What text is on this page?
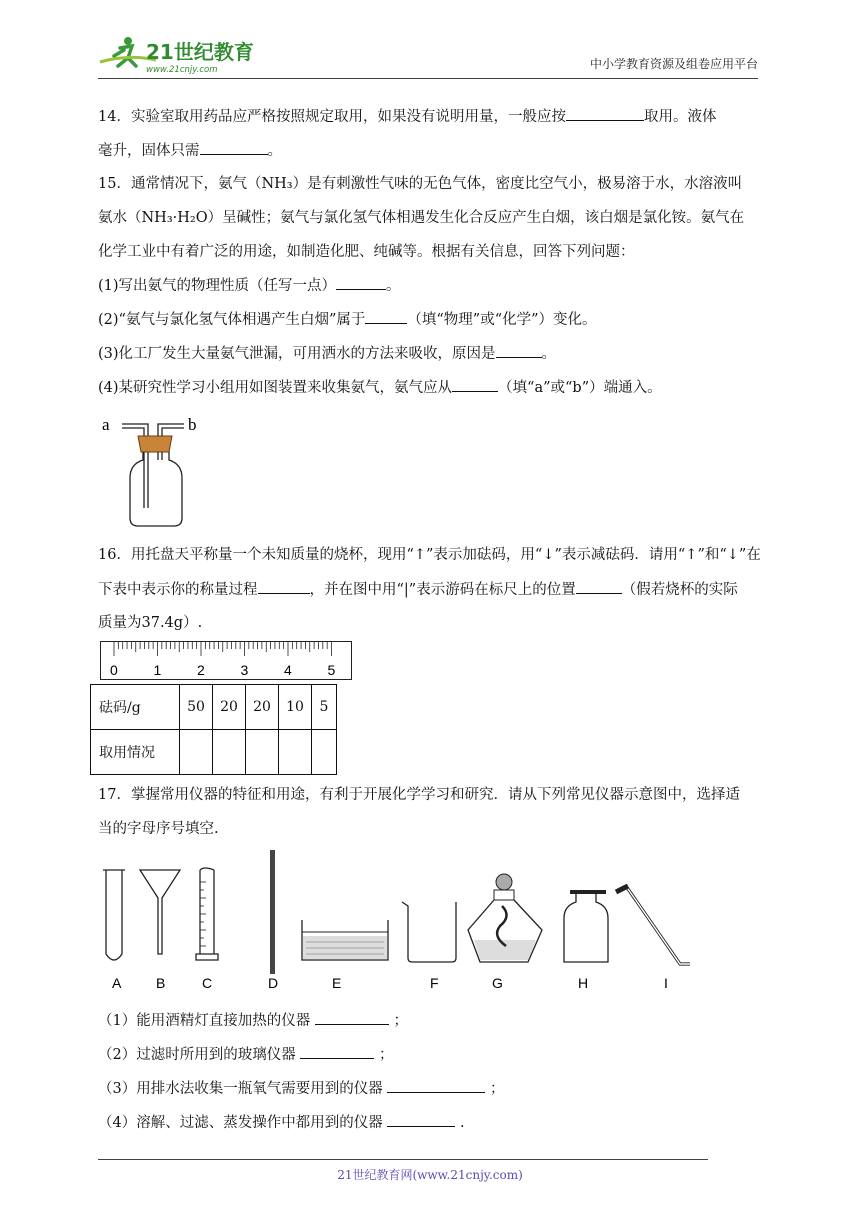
21世纪教育
www.21cnjy.com	中小学教育资源及组卷应用平台
14．实验室取用药品应严格按照规定取用，如果没有说明用量，一般应按	取用。液体
毫升，固体只需	。
15．通常情况下，氨气（NH₃）是有刺激性气味的无色气体，密度比空气小，极易溶于水，水溶液叫
氨水（NH₃·H₂O）呈碱性；氨气与氯化氢气体相遇发生化合反应产生白烟，该白烟是氯化铵。氨气在
化学工业中有着广泛的用途，如制造化肥、纯碱等。根据有关信息，回答下列问题：
(1)写出氨气的物理性质（任写一点）	。
(2)“氨气与氯化氢气体相遇产生白烟”属于	（填“物理”或“化学”）变化。
(3)化工厂发生大量氨气泄漏，可用洒水的方法来吸收，原因是	。
(4)某研究性学习小组用如图装置来收集氨气，氨气应从	（填“a”或“b”）端通入。
a	b
16．用托盘天平称量一个未知质量的烧杯，现用“↑”表示加砝码，用“↓”表示减砝码．请用“↑”和“↓”在
下表中表示你的称量过程	，并在图中用“|”表示游码在标尺上的位置	（假若烧杯的实际
质量为37.4g）.
0	1	2	3	4	5
砝码/g	50	20	20	10	5
取用情况					
17．掌握常用仪器的特征和用途，有利于开展化学学习和研究．请从下列常见仪器示意图中，选择适
当的字母序号填空.
A B	C	D	E	F	G	H	I
（1）能用酒精灯直接加热的仪器	；
（2）过滤时所用到的玻璃仪器	；
（3）用排水法收集一瓶氧气需要用到的仪器	；
（4）溶解、过滤、蒸发操作中都用到的仪器	.
21世纪教育网(www.21cnjy.com)
